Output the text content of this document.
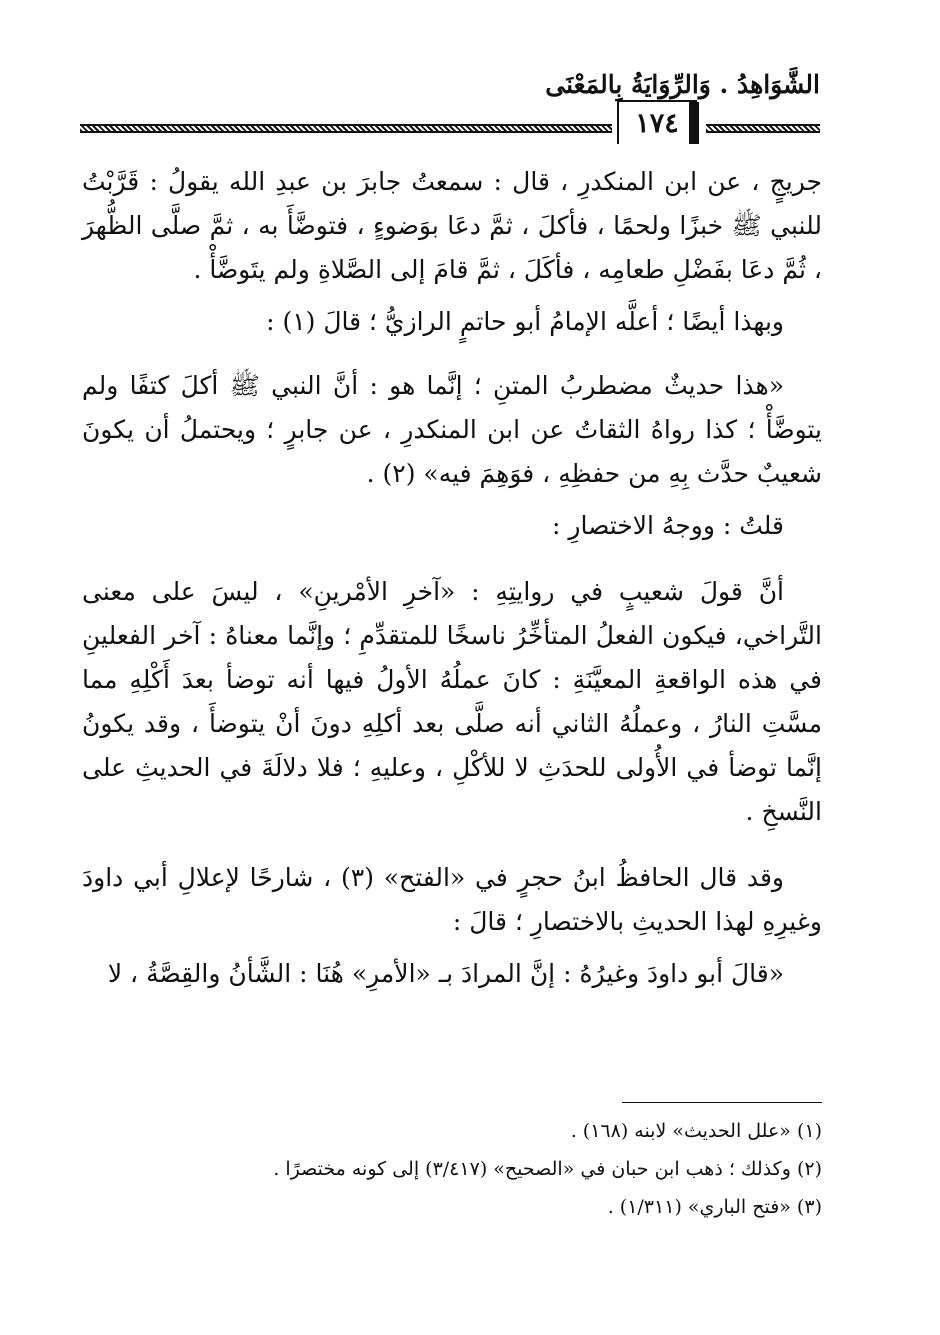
الشَّوَاهِدُ . وَالرِّوَايَةُ بِالمَعْنَى
١٧٤

جريجٍ ، عن ابن المنكدرِ ، قال : سمعتُ جابرَ بن عبدِ الله يقولُ : قَرَّبْتُ للنبي ﷺ خبزًا ولحمًا ، فأكلَ ، ثمَّ دعَا بوَضوءٍ ، فتوضَّأَ به ، ثمَّ صلَّى الظُّهرَ ، ثُمَّ دعَا بفَضْلِ طعامِه ، فأكَلَ ، ثمَّ قامَ إلى الصَّلاةِ ولم يتَوضَّأْ .

وبهذا أيضًا ؛ أعلَّه الإمامُ أبو حاتمٍ الرازيُّ ؛ قالَ (١) :

«هذا حديثٌ مضطربُ المتنِ ؛ إنَّما هو : أنَّ النبي ﷺ أكلَ كتفًا ولم يتوضَّأْ ؛ كذا رواهُ الثقاتُ عن ابن المنكدرِ ، عن جابرٍ ؛ ويحتملُ أن يكونَ شعيبٌ حدَّث بِهِ من حفظِهِ ، فوَهِمَ فيه» (٢) .

قلتُ : ووجهُ الاختصارِ :

أنَّ قولَ شعيبٍ في روايتِهِ : «آخرِ الأمْرينِ» ، ليسَ على معنى التَّراخي، فيكون الفعلُ المتأخِّرُ ناسخًا للمتقدِّمِ ؛ وإنَّما معناهُ : آخر الفعلينِ في هذه الواقعةِ المعيَّنَةِ : كانَ عملُهُ الأولُ فيها أنه توضأ بعدَ أَكْلِهِ مما مسَّتِ النارُ ، وعملُهُ الثاني أنه صلَّى بعد أكلِهِ دونَ أنْ يتوضأَ ، وقد يكونُ إنَّما توضأ في الأُولى للحدَثِ لا للأكْلِ ، وعليهِ ؛ فلا دلالَةَ في الحديثِ على النَّسخِ .

وقد قال الحافظُ ابنُ حجرٍ في «الفتح» (٣) ، شارحًا لإعلالِ أبي داودَ وغيرِهِ لهذا الحديثِ بالاختصارِ ؛ قالَ :

«قالَ أبو داودَ وغيرُهُ : إنَّ المرادَ بـ «الأمرِ» هُنَا : الشَّأنُ والقِصَّةُ ، لا

(١) «علل الحديث» لابنه (١٦٨) .
(٢) وكذلك ؛ ذهب ابن حبان في «الصحيح» (٣/٤١٧) إلى كونه مختصرًا .
(٣) «فتح الباري» (١/٣١١) .
